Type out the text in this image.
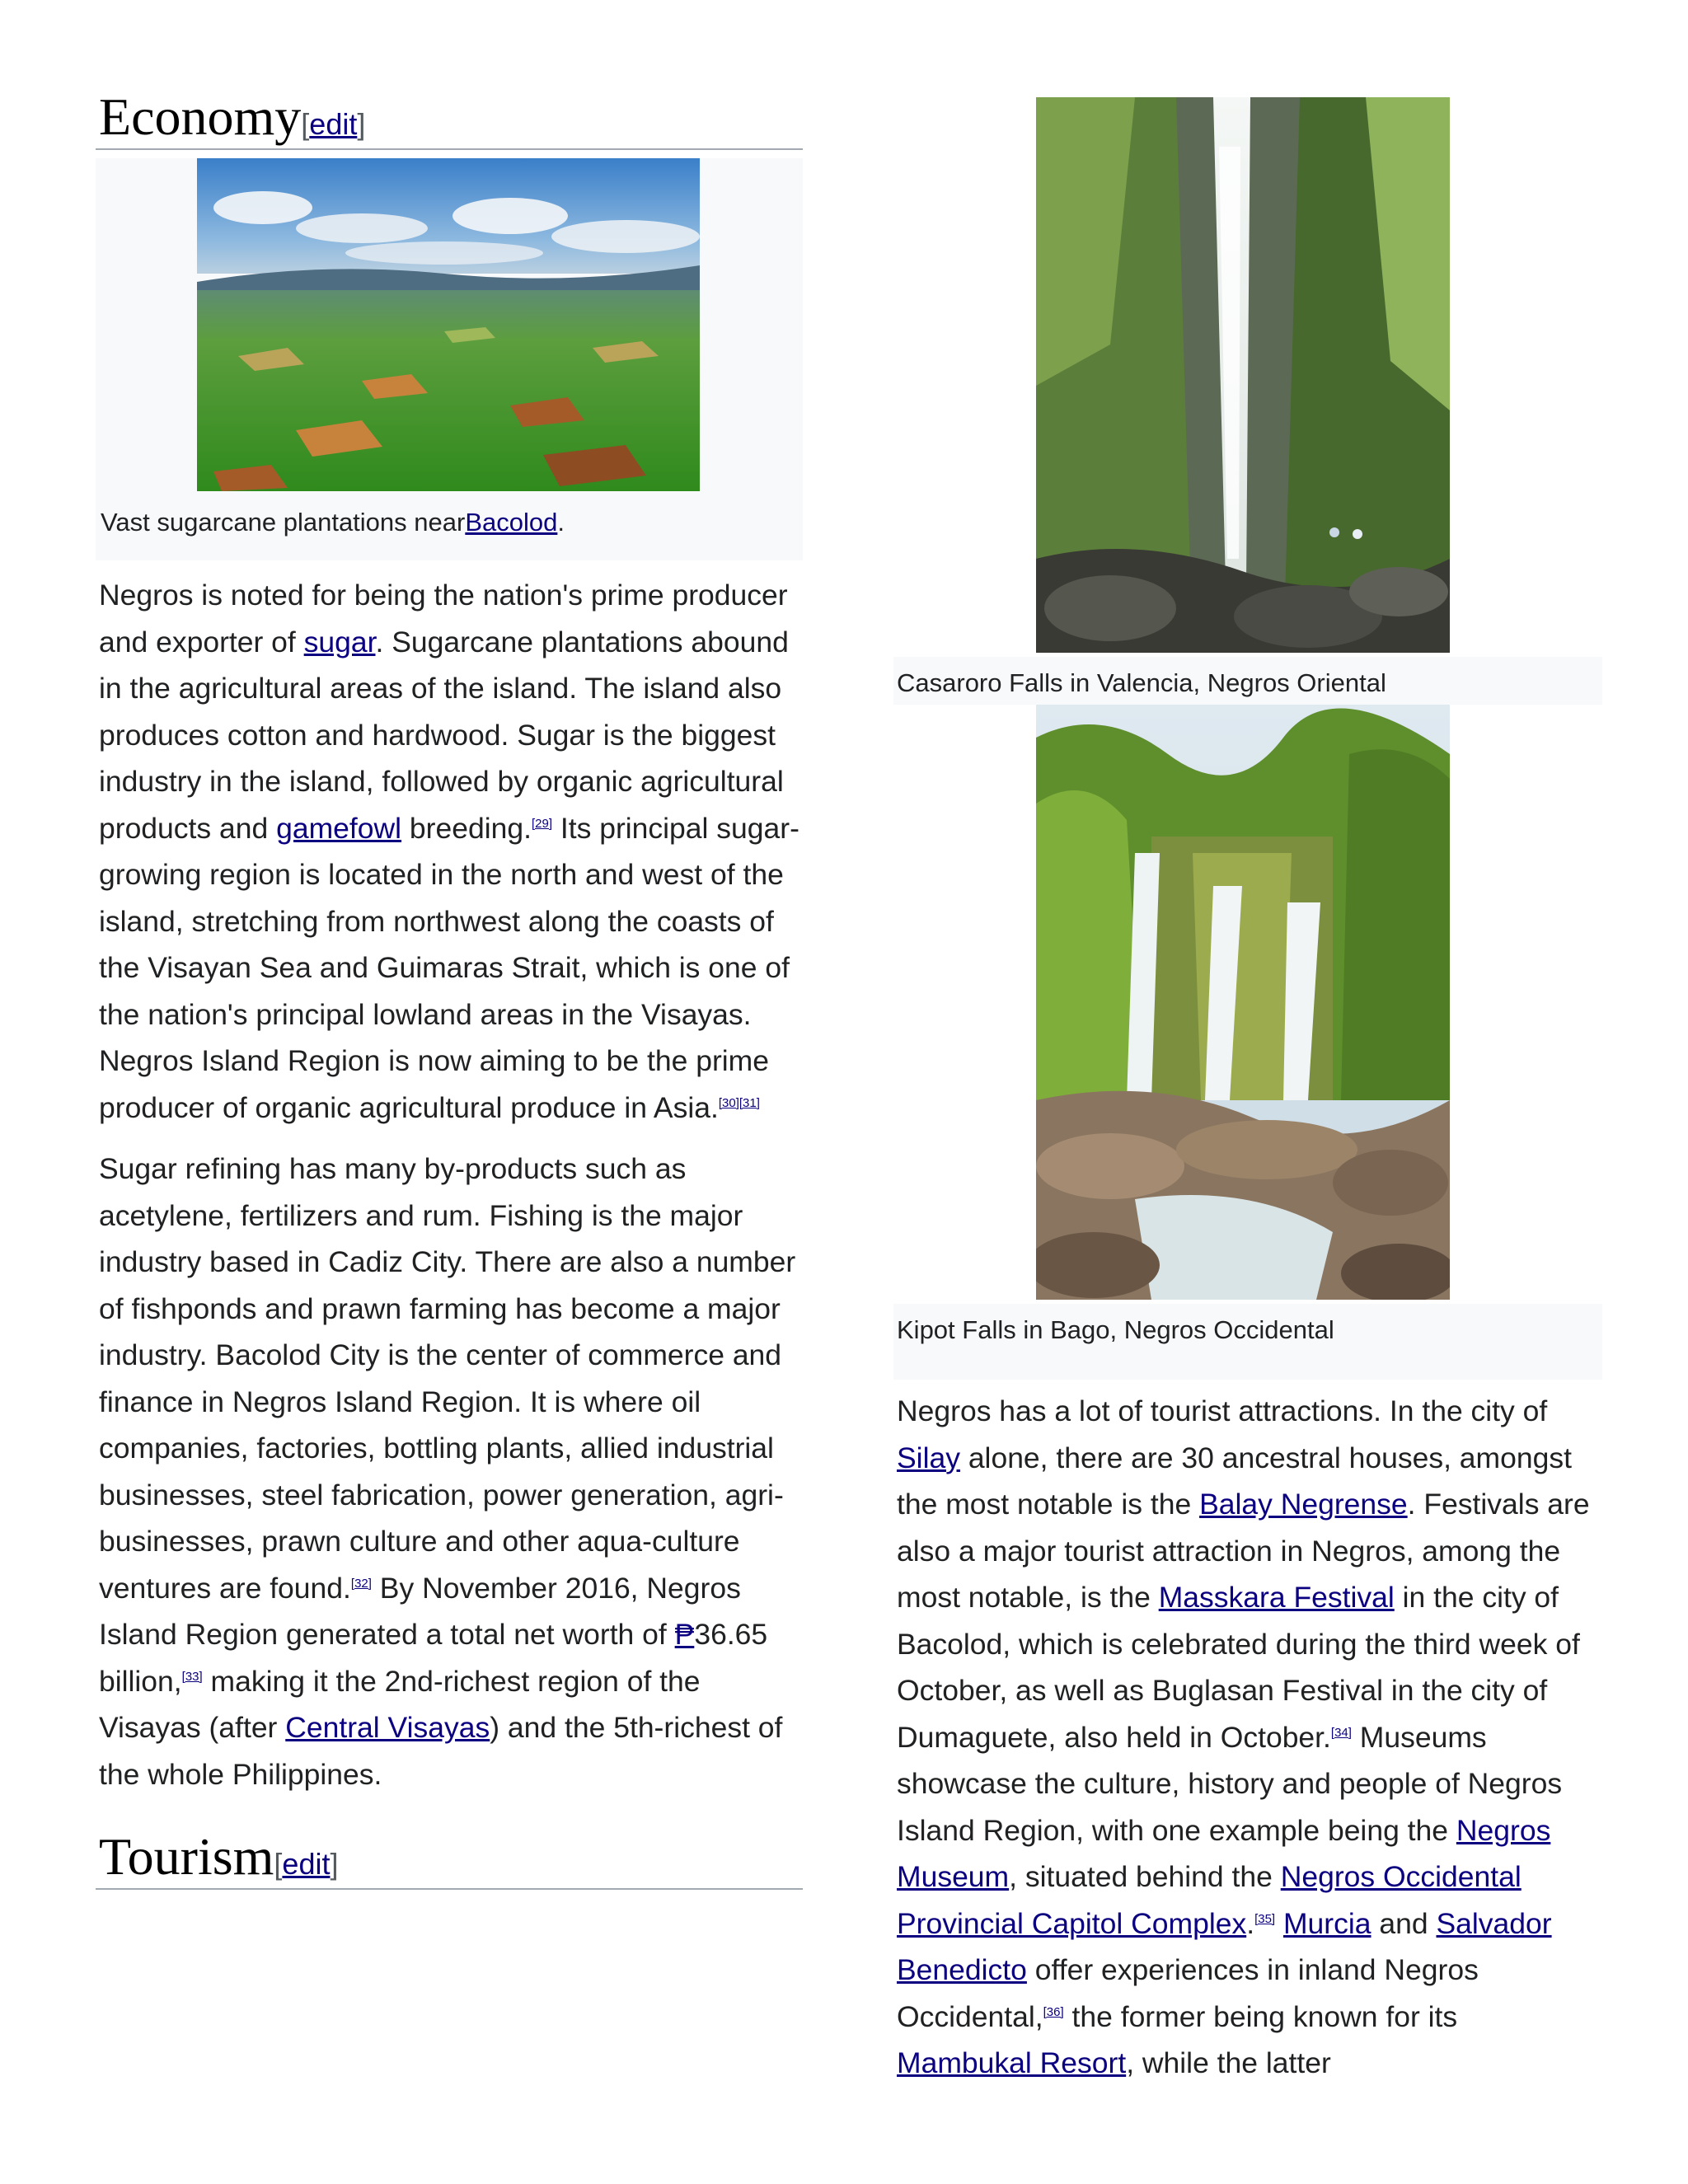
Economy[edit]
Vast sugarcane plantations nearBacolod.

Negros is noted for being the nation's prime producer and exporter of sugar. Sugarcane plantations abound in the agricultural areas of the island. The island also produces cotton and hardwood. Sugar is the biggest industry in the island, followed by organic agricultural products and gamefowl breeding.[29] Its principal sugar-growing region is located in the north and west of the island, stretching from northwest along the coasts of the Visayan Sea and Guimaras Strait, which is one of the nation's principal lowland areas in the Visayas. Negros Island Region is now aiming to be the prime producer of organic agricultural produce in Asia.[30][31]

Sugar refining has many by-products such as acetylene, fertilizers and rum. Fishing is the major industry based in Cadiz City. There are also a number of fishponds and prawn farming has become a major industry. Bacolod City is the center of commerce and finance in Negros Island Region. It is where oil companies, factories, bottling plants, allied industrial businesses, steel fabrication, power generation, agri-businesses, prawn culture and other aqua-culture ventures are found.[32] By November 2016, Negros Island Region generated a total net worth of ₱36.65 billion,[33] making it the 2nd-richest region of the Visayas (after Central Visayas) and the 5th-richest of the whole Philippines.

Tourism[edit]
Casaroro Falls in Valencia, Negros Oriental
Kipot Falls in Bago, Negros Occidental

Negros has a lot of tourist attractions. In the city of Silay alone, there are 30 ancestral houses, amongst the most notable is the Balay Negrense. Festivals are also a major tourist attraction in Negros, among the most notable, is the Masskara Festival in the city of Bacolod, which is celebrated during the third week of October, as well as Buglasan Festival in the city of Dumaguete, also held in October.[34] Museums showcase the culture, history and people of Negros Island Region, with one example being the Negros Museum, situated behind the Negros Occidental Provincial Capitol Complex.[35] Murcia and Salvador Benedicto offer experiences in inland Negros Occidental,[36] the former being known for its Mambukal Resort, while the latter
